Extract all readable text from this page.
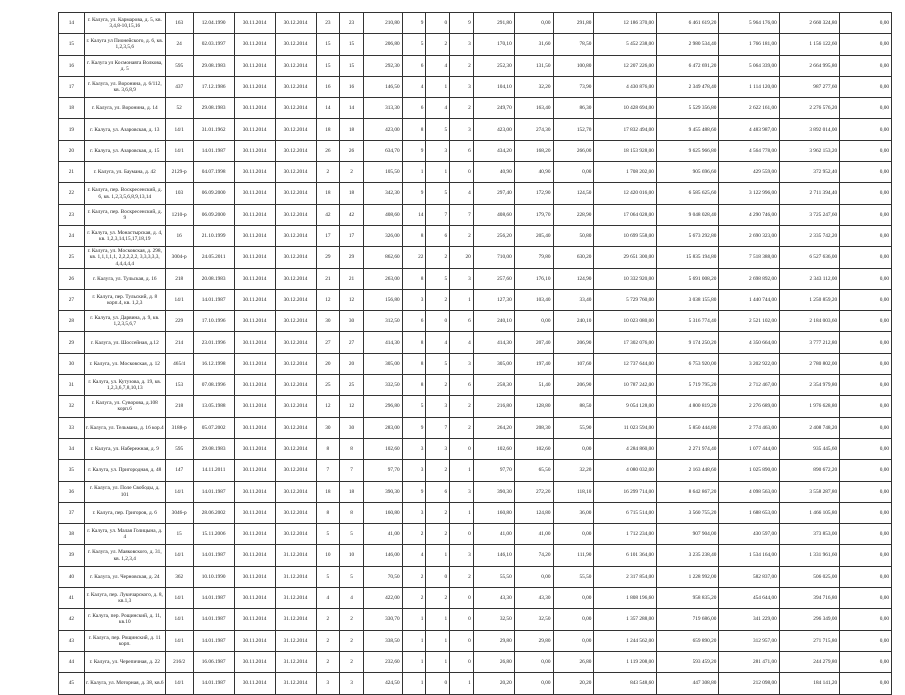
14	г. Калуга, ул. Кармарова, д. 5, кв. 3,4,8-10,15,16	163	12.04.1990	30.11.2014	30.12.2014	23	23	210,80	9	0	9	291,80	0,00	291,80	12 186 370,00	6 461 619,20	5 964 176,00	2 660 324,80	0,00
15	г. Калуга ул Пионейского, д. 6, кв. 1,2,3,5,6	24	02.03.1997	30.11.2014	30.12.2014	15	15	206,80	5	2	3	170,10	31,60	78,50	5 452 238,00	2 980 534,40	1 766 181,00	1 156 122,60	0,00
16	г. Калуга ул Космонавта Волкова, д. 5	595	29.08.1983	30.11.2014	30.12.2014	15	15	292,30	6	4	2	252,30	131,50	100,80	12 207 226,00	6 472 691,20	5 064 339,00	2 664 995,80	0,00
17	г. Калуга, ул. Воронина, д. 6/112, кв. 3,6,8,9	437	17.12.1986	30.11.2014	30.12.2014	16	16	146,50	4	1	3	104,10	32,20	73,90	4 430 876,00	2 349 478,40	1 114 120,00	987 277,60	0,00
18	г. Калуга, ул. Воронина, д. 14	52	29.08.1983	30.11.2014	30.12.2014	14	14	313,30	6	4	2	249,70	163,40	86,30	10 428 694,00	5 529 356,80	2 622 161,00	2 276 576,20	0,00
19	г. Калуга, ул. Азаровская, д. 13	14/1	31.01.1962	30.11.2014	30.12.2014	18	18	423,00	8	5	3	423,00	274,30	152,70	17 832 494,00	9 455 488,60	4 483 987,00	3 892 014,00	0,00
20	г. Калуга, ул. Азаровская, д. 15	14/1	14.01.1987	30.11.2014	30.12.2014	26	26	634,70	9	3	6	434,20	168,20	266,00	18 153 928,00	9 625 966,80	4 564 778,00	3 962 153,20	0,00
21	г. Калуга, ул. Баумана, д. 42	2129-р	04.07.1998	30.11.2014	30.12.2014	2	2	105,50	1	1	0	40,90	40,90	0,00	1 708 202,00	905 696,60	429 559,00	372 952,40	0,00
22	г. Калуга, пер. Воскресенский, д. 6, кв. 1,2,3,5,6,8,9,13,14	103	06.09.2000	30.11.2014	30.12.2014	18	18	342,30	9	5	4	297,40	172,90	124,50	12 420 016,00	6 585 625,60	3 122 996,00	2 711 394,40	0,00
23	г. Калуга, пер. Воскресенский, д. 9	1210-р	06.09.2000	30.11.2014	30.12.2014	42	42	408,60	14	7	7	408,60	179,70	228,90	17 064 028,00	9 048 028,40	4 290 746,00	3 725 247,60	0,00
24	г. Калуга, ул. Монастырская, д. 4, кв. 1,2,3,14,15,17,18,19	16	21.10.1999	30.11.2014	30.12.2014	17	17	326,00	8	6	2	256,20	205,40	50,80	10 699 558,00	5 673 292,80	2 690 323,00	2 335 742,20	0,00
25	г. Калуга, ул. Московская, д. 298, кв. 1,1,1,1,1, 2,2,2,2,2, 3,3,3,3,3, 4,4,4,4,4	3004-р	24.05.2011	30.11.2014	30.12.2014	29	29	862,60	22	2	20	710,00	79,80	630,20	29 651 300,00	15 835 194,80	7 518 388,00	6 527 636,00	0,00
26	г. Калуга, ул. Тульская, д. 16	218	20.08.1983	30.11.2014	30.12.2014	21	21	263,00	8	5	3	257,60	176,10	124,90	10 332 920,00	5 691 008,20	2 698 892,00	2 343 112,00	0,00
27	г. Калуга, пер. Тульский, д. 8 корп.4, кв. 1,2,3	14/1	14.01.1987	30.11.2014	30.12.2014	12	12	156,80	3	2	1	127,30	103,40	33,40	5 729 760,00	3 038 155,80	1 440 744,00	1 250 859,20	0,00
28	г. Калуга, ул. Дарвина, д. 9, кв. 1,2,3,5,6,7	229	17.10.1996	30.11.2014	30.12.2014	30	30	312,50	6	0	6	240,10	0,00	240,10	10 023 080,00	5 316 774,40	2 521 102,00	2 184 003,60	0,00
29	г. Калуга, ул. Шоссейная, д.12	214	23.01.1996	30.11.2014	30.12.2014	27	27	414,30	8	4	4	414,30	207,40	206,90	17 302 076,00	9 174 250,20	4 350 664,00	3 777 212,80	0,00
30	г. Калуга, ул. Московская, д. 12	465/4	16.12.1998	30.11.2014	30.12.2014	20	20	305,00	8	5	3	305,00	197,40	107,60	12 737 644,00	6 753 920,00	3 202 922,00	2 780 802,00	0,00
31	г. Калуга, ул. Кутузова, д. 19, кв. 1,2,3,6,7,8,10,13	153	07.08.1996	30.11.2014	30.12.2014	25	25	332,50	8	2	6	258,30	51,40	206,90	10 787 242,00	5 719 795,20	2 712 467,00	2 354 979,80	0,00
32	г. Калуга, ул. Суворова, д.108 корп.6	218	13.05.1988	30.11.2014	30.12.2014	12	12	296,80	5	3	2	216,80	128,80	88,50	9 054 128,00	4 800 819,20	2 276 689,00	1 976 628,80	0,00
33	г. Калуга, ул. Тельмана, д. 16 кор.4	3188-р	05.07.2002	30.11.2014	30.12.2014	30	30	283,00	9	7	2	264,20	208,30	55,90	11 023 594,00	5 850 444,80	2 774 463,00	2 408 748,20	0,00
34	г. Калуга, ул. Набережная, д. 9	595	29.08.1983	30.11.2014	30.12.2014	8	8	102,60	3	3	0	102,60	102,60	0,00	4 284 860,00	2 271 974,40	1 077 444,00	935 445,60	0,00
35	г. Калуга, ул. Пригородная, д. 48	147	14.11.2011	30.11.2014	30.12.2014	7	7	97,70	3	2	1	97,70	65,50	32,20	4 080 032,00	2 163 448,60	1 025 890,00	890 672,20	0,00
36	г. Калуга, ул. Поле Свободы, д. 101	14/1	14.01.1987	30.11.2014	30.12.2014	18	18	390,30	9	6	3	390,30	272,20	118,10	16 299 714,00	8 642 867,20	4 098 563,00	3 558 287,80	0,00
37	г. Калуга, пер. Григоров, д. 6	3046-р	28.06.2002	30.11.2014	30.12.2014	8	8	160,80	3	2	1	160,80	124,80	36,00	6 715 514,00	3 560 755,20	1 688 653,00	1 466 105,80	0,00
38	г. Калуга, ул. Малая Голицына, д. 4	15	15.11.2006	30.11.2014	30.12.2014	5	5	41,00	2	2	0	41,00	41,00	0,00	1 712 234,00	907 904,00	430 597,00	373 853,00	0,00
39	г. Калуга, ул. Маяковского, д. 31, кв. 1,2,3,4	14/1	14.01.1987	30.11.2014	31.12.2014	10	10	146,00	4	1	3	146,10	74,20	111,90	6 101 364,00	3 235 238,40	1 534 164,00	1 331 961,60	0,00
40	г. Калуга, ул. Черновская, д. 24	362	10.10.1990	30.11.2014	31.12.2014	5	5	70,50	2	0	2	55,50	0,00	55,50	2 317 854,00	1 228 992,00	582 837,00	506 025,00	0,00
41	г. Калуга, пер. Лукичарского, д. 8, кв.1,3	14/1	14.01.1987	30.11.2014	31.12.2014	4	4	422,00	2	2	0	43,30	43,30	0,00	1 808 196,60	958 835,20	454 644,00	394 716,80	0,00
42	г. Калуга, пер. Рощинский, д. 11, кв.10	14/1	14.01.1987	30.11.2014	31.12.2014	2	2	330,70	1	1	0	32,50	32,50	0,00	1 357 288,00	719 686,00	341 229,00	296 349,00	0,00
43	г. Калуга, пер. Рощинский, д. 11 корп.	14/1	14.01.1987	30.11.2014	31.12.2014	2	2	338,50	1	1	0	29,80	29,80	0,00	1 244 562,00	659 890,20	312 957,00	271 715,80	0,00
44	г. Калуга, ул. Черепичная, д. 22	216/2	16.06.1987	30.11.2014	31.12.2014	2	2	232,60	1	1	0	26,80	0,00	26,80	1 119 208,00	593 459,20	281 471,00	244 279,80	0,00
45	г. Калуга, ул. Моторная, д. 38, кв.6	14/1	14.01.1987	30.11.2014	31.12.2014	3	3	424,50	1	0	1	20,20	0,00	20,20	843 548,60	447 308,80	212 098,00	184 141,20	0,00
